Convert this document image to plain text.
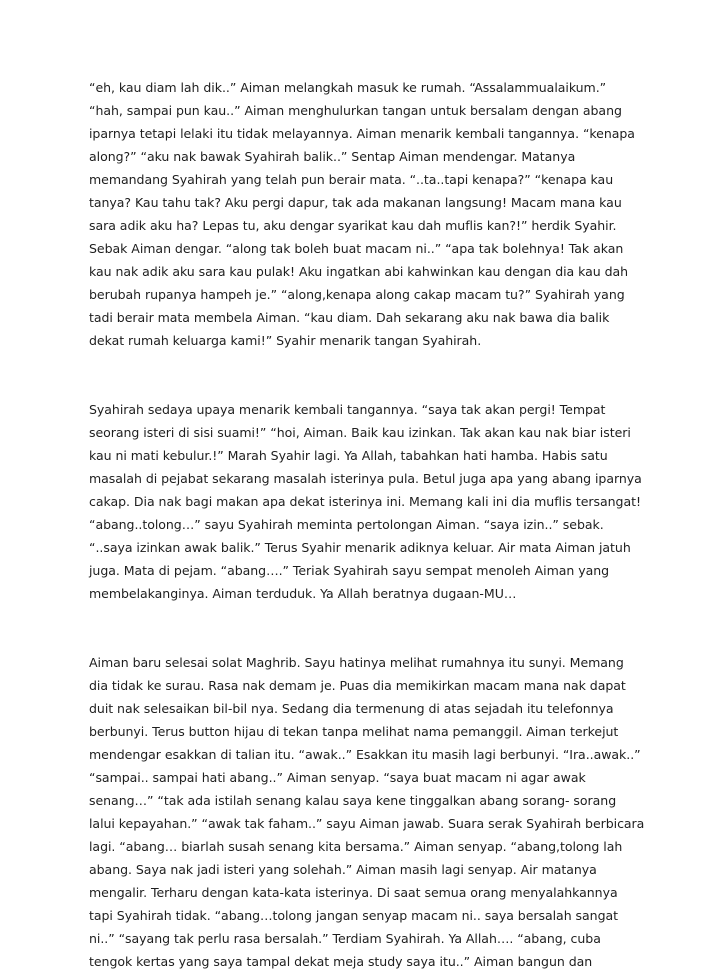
“eh, kau diam lah dik..” Aiman melangkah masuk ke rumah. “Assalammualaikum.”
“hah, sampai pun kau..” Aiman menghulurkan tangan untuk bersalam dengan abang
iparnya tetapi lelaki itu tidak melayannya. Aiman menarik kembali tangannya. “kenapa
along?” “aku nak bawak Syahirah balik..” Sentap Aiman mendengar. Matanya
memandang Syahirah yang telah pun berair mata. “..ta..tapi kenapa?” “kenapa kau
tanya? Kau tahu tak? Aku pergi dapur, tak ada makanan langsung! Macam mana kau
sara adik aku ha? Lepas tu, aku dengar syarikat kau dah muflis kan?!” herdik Syahir.
Sebak Aiman dengar. “along tak boleh buat macam ni..” “apa tak bolehnya! Tak akan
kau nak adik aku sara kau pulak! Aku ingatkan abi kahwinkan kau dengan dia kau dah
berubah rupanya hampeh je.” “along,kenapa along cakap macam tu?” Syahirah yang
tadi berair mata membela Aiman. “kau diam. Dah sekarang aku nak bawa dia balik
dekat rumah keluarga kami!” Syahir menarik tangan Syahirah.
Syahirah sedaya upaya menarik kembali tangannya. “saya tak akan pergi! Tempat
seorang isteri di sisi suami!” “hoi, Aiman. Baik kau izinkan. Tak akan kau nak biar isteri
kau ni mati kebulur.!” Marah Syahir lagi. Ya Allah, tabahkan hati hamba. Habis satu
masalah di pejabat sekarang masalah isterinya pula. Betul juga apa yang abang iparnya
cakap. Dia nak bagi makan apa dekat isterinya ini. Memang kali ini dia muflis tersangat!
“abang..tolong…” sayu Syahirah meminta pertolongan Aiman. “saya izin..” sebak.
“..saya izinkan awak balik.” Terus Syahir menarik adiknya keluar. Air mata Aiman jatuh
juga. Mata di pejam. “abang….” Teriak Syahirah sayu sempat menoleh Aiman yang
membelakanginya. Aiman terduduk. Ya Allah beratnya dugaan-MU…
Aiman baru selesai solat Maghrib. Sayu hatinya melihat rumahnya itu sunyi. Memang
dia tidak ke surau. Rasa nak demam je. Puas dia memikirkan macam mana nak dapat
duit nak selesaikan bil-bil nya. Sedang dia termenung di atas sejadah itu telefonnya
berbunyi. Terus button hijau di tekan tanpa melihat nama pemanggil. Aiman terkejut
mendengar esakkan di talian itu. “awak..” Esakkan itu masih lagi berbunyi. “Ira..awak..”
“sampai.. sampai hati abang..” Aiman senyap. “saya buat macam ni agar awak
senang…” “tak ada istilah senang kalau saya kene tinggalkan abang sorang- sorang
lalui kepayahan.” “awak tak faham..” sayu Aiman jawab. Suara serak Syahirah berbicara
lagi. “abang… biarlah susah senang kita bersama.” Aiman senyap. “abang,tolong lah
abang. Saya nak jadi isteri yang solehah.” Aiman masih lagi senyap. Air matanya
mengalir. Terharu dengan kata-kata isterinya. Di saat semua orang menyalahkannya
tapi Syahirah tidak. “abang…tolong jangan senyap macam ni.. saya bersalah sangat
ni..” “sayang tak perlu rasa bersalah.” Terdiam Syahirah. Ya Allah…. “abang, cuba
tengok kertas yang saya tampal dekat meja study saya itu..” Aiman bangun dan
